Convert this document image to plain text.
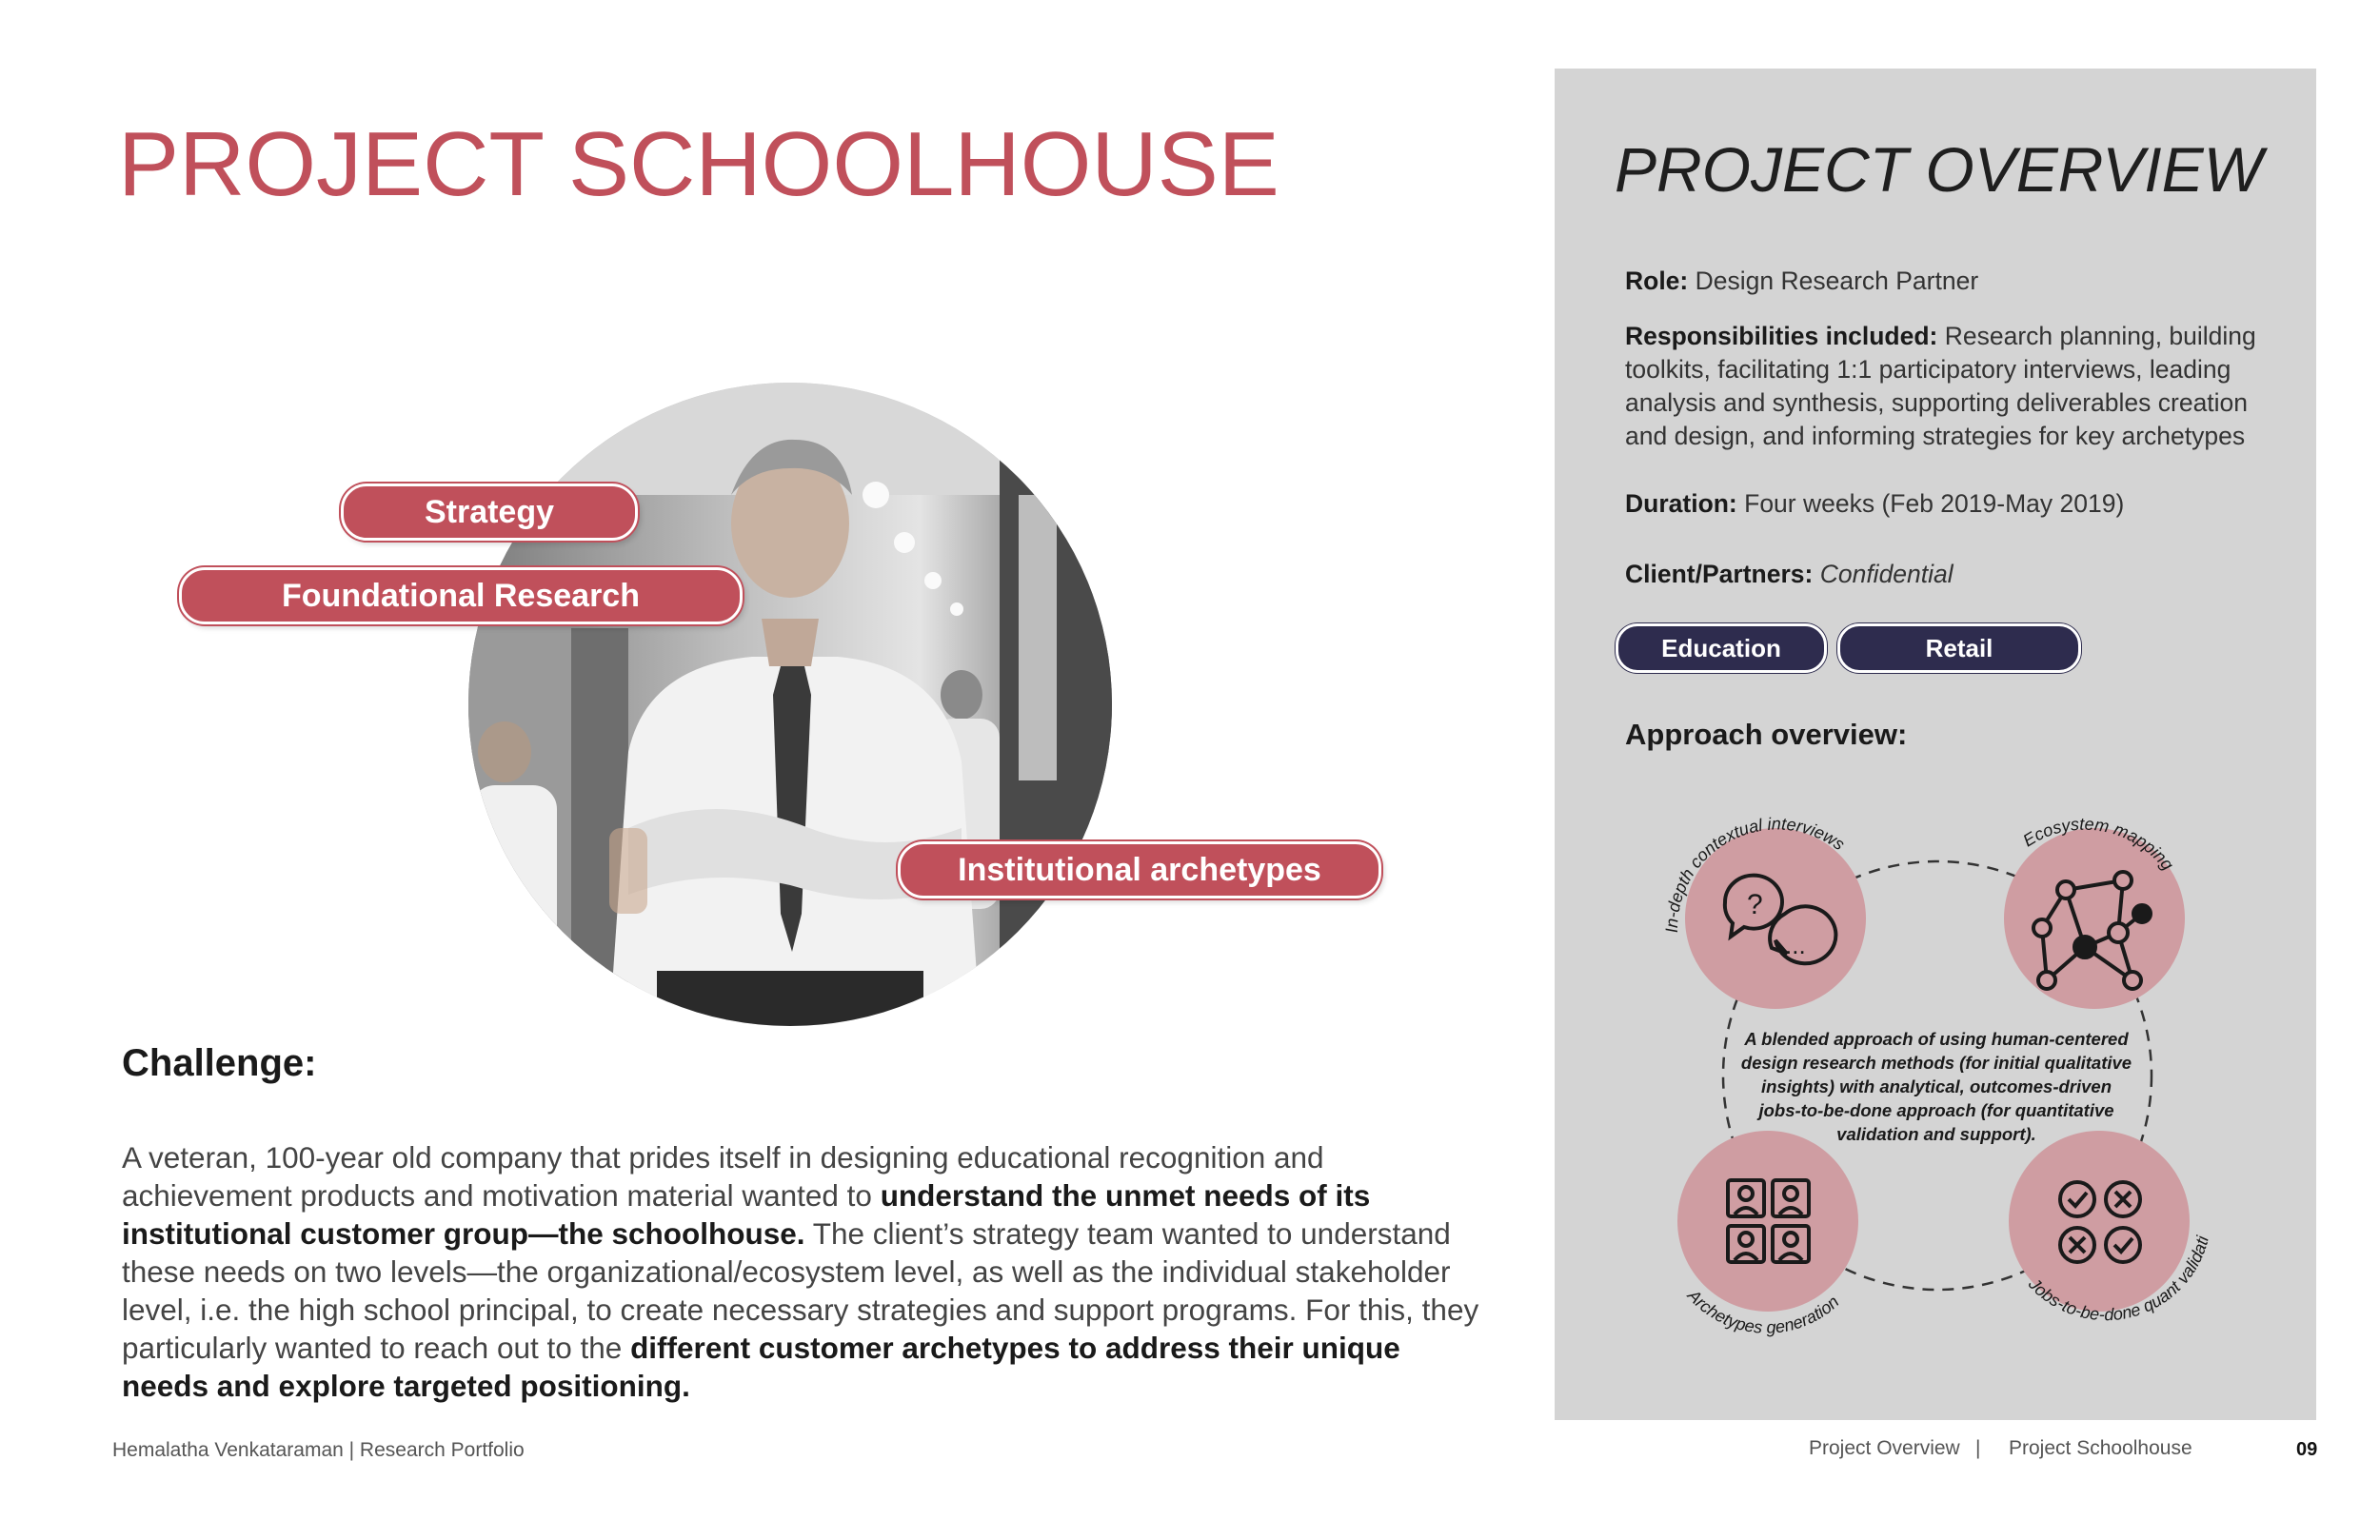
PROJECT SCHOOLHOUSE
Strategy
Foundational Research
Institutional archetypes
Challenge:

A veteran, 100-year old company that prides itself in designing educational recognition and achievement products and motivation material wanted to understand the unmet needs of its institutional customer group—the schoolhouse. The client’s strategy team wanted to understand these needs on two levels—the organizational/ecosystem level, as well as the individual stakeholder level, i.e. the high school principal, to create necessary strategies and support programs. For this, they particularly wanted to reach out to the different customer archetypes to address their unique needs and explore targeted positioning.

PROJECT OVERVIEW

Role: Design Research Partner

Responsibilities included: Research planning, building toolkits, facilitating 1:1 participatory interviews, leading analysis and synthesis, supporting deliverables creation and design, and informing strategies for key archetypes

Duration: Four weeks (Feb 2019-May 2019)

Client/Partners: Confidential

Education	Retail
Approach overview:
?
...
In-depth contextual interviews	Ecosystem mapping
Archetypes generation
Jobs-to-be-done quant validati
A blended approach of using human-centered
design research methods (for initial qualitative
insights) with analytical, outcomes-driven
jobs-to-be-done approach (for quantitative
validation and support).
Hemalatha Venkataraman | Research Portfolio	Project Overview | Project Schoolhouse	09
